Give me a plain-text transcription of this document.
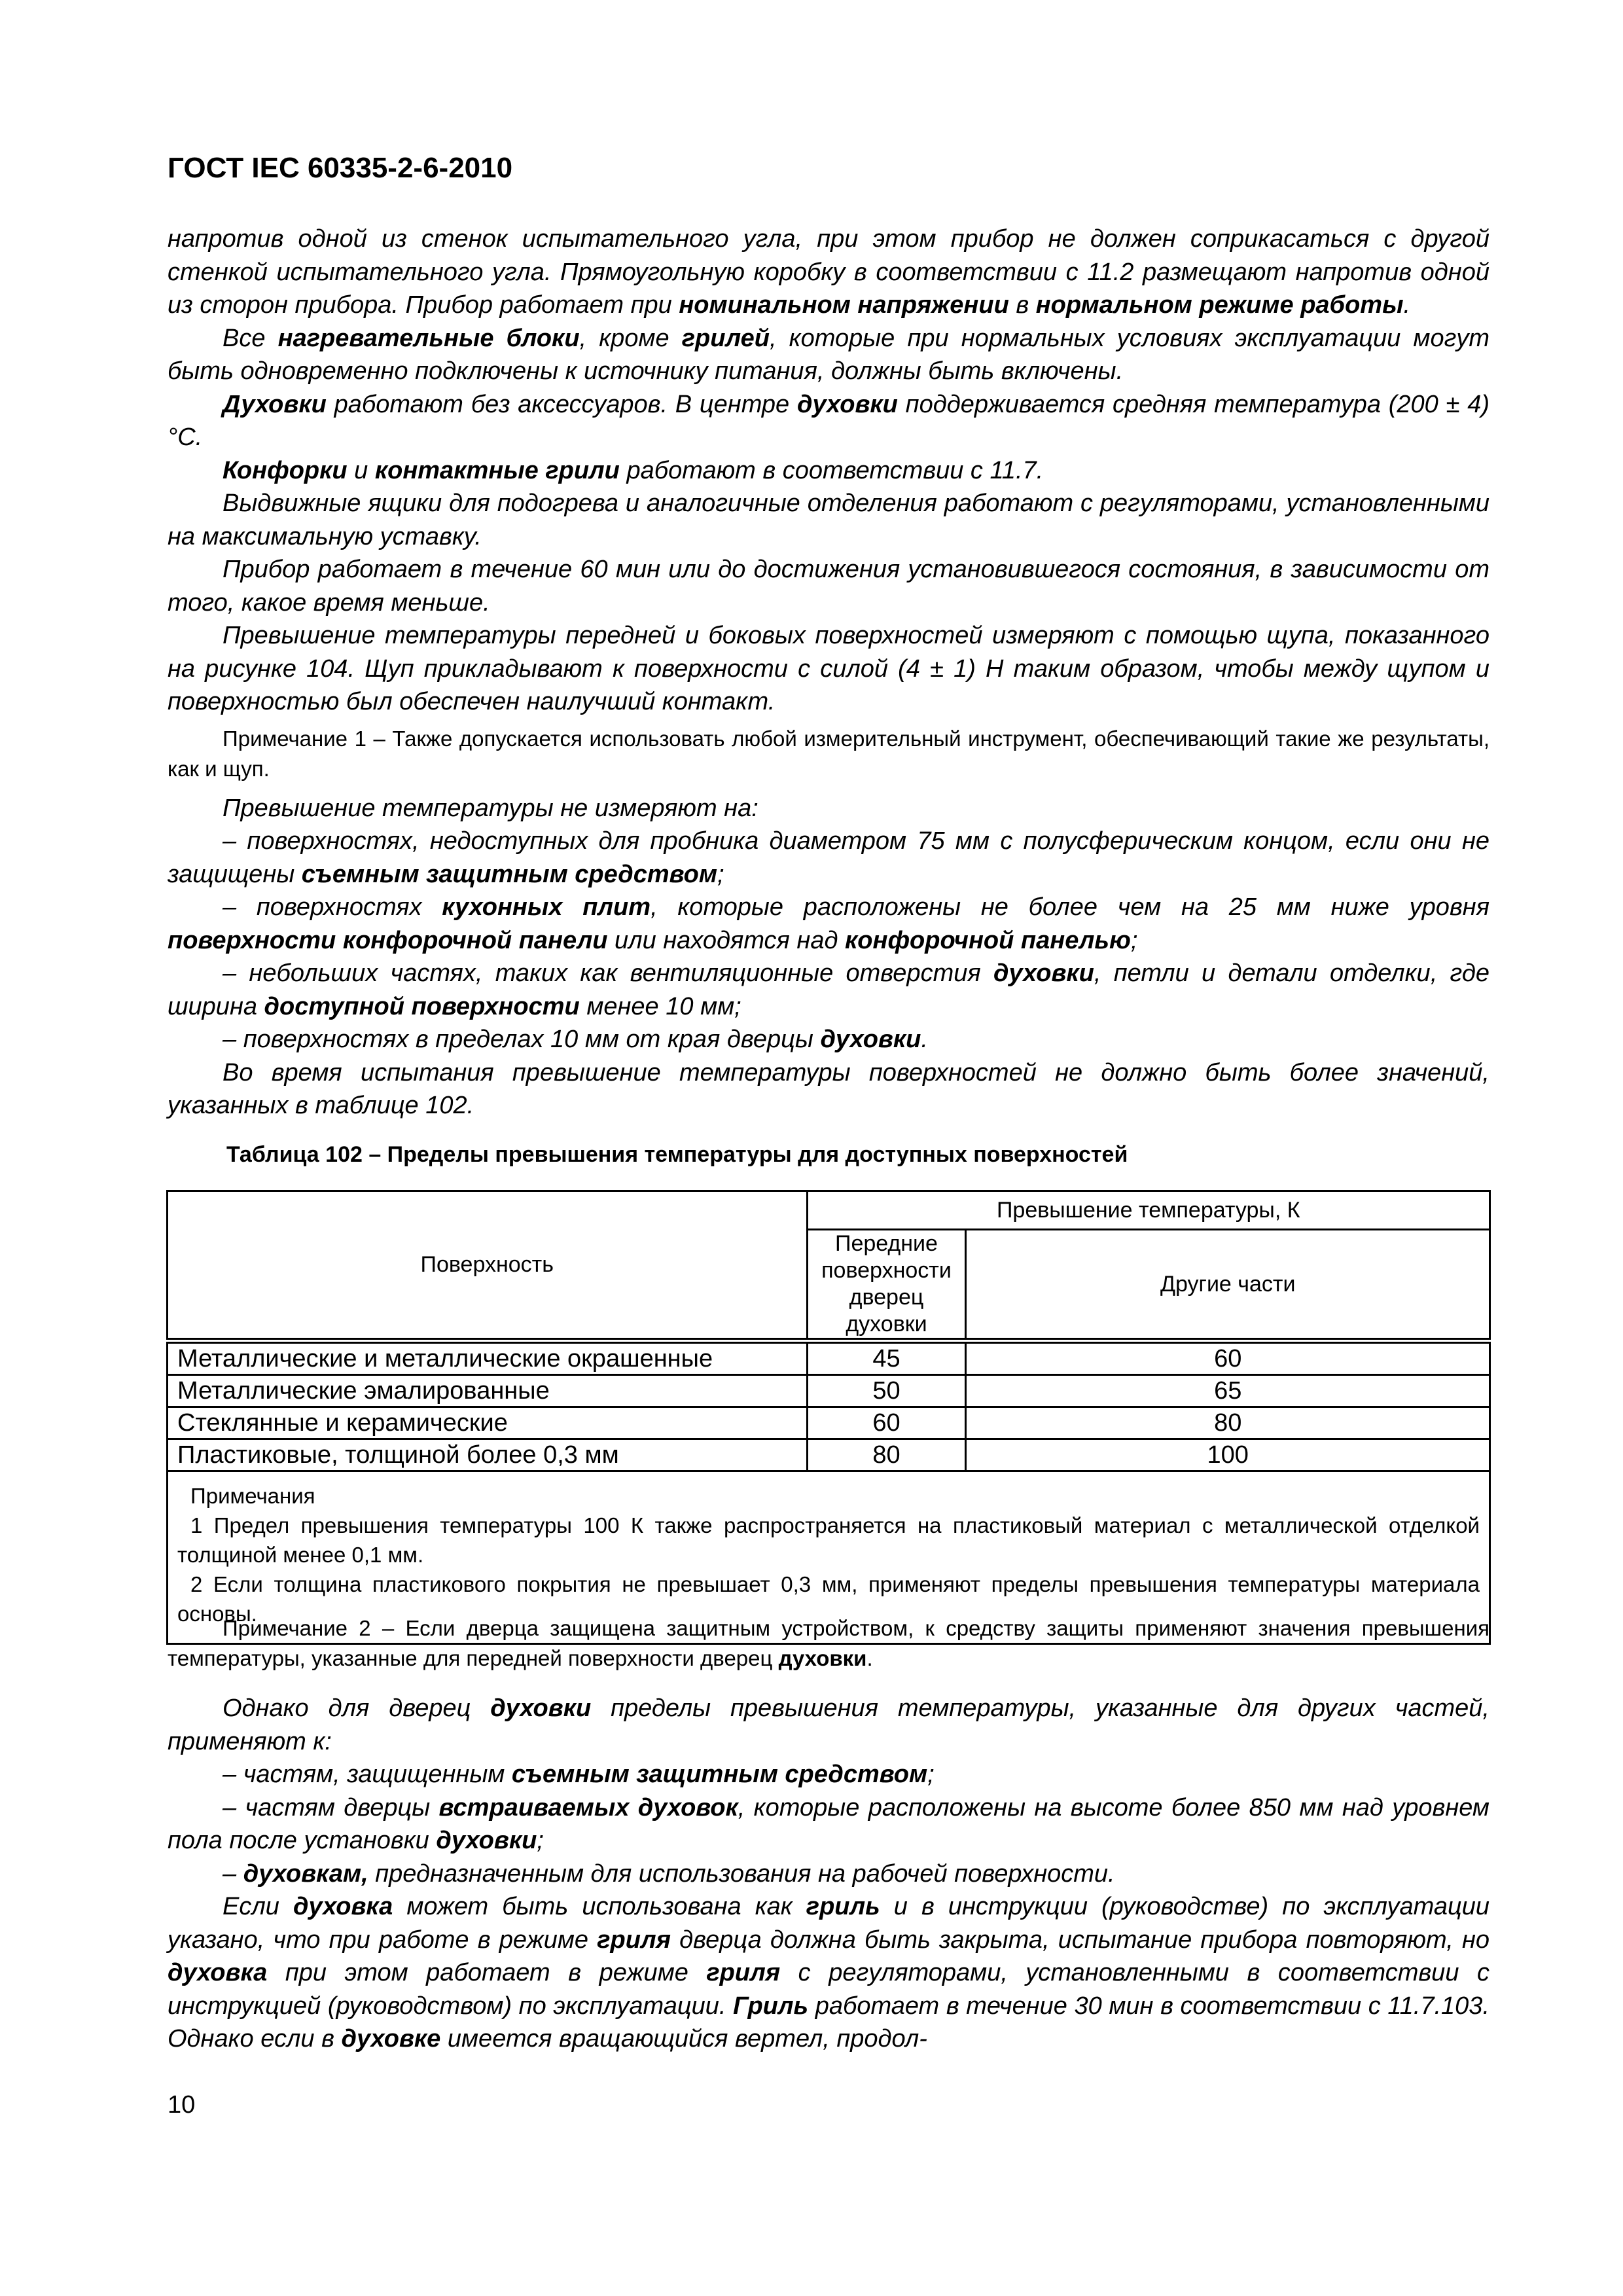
ГОСТ IEC 60335-2-6-2010

напротив одной из стенок испытательного угла, при этом прибор не должен соприкасаться с другой стенкой испытательного угла. Прямоугольную коробку в соответствии с 11.2 размещают напротив одной из сторон прибора. Прибор работает при номинальном напряжении в нормальном режиме работы.

Все нагревательные блоки, кроме грилей, которые при нормальных условиях эксплуатации могут быть одновременно подключены к источнику питания, должны быть включены.

Духовки работают без аксессуаров. В центре духовки поддерживается средняя температура (200 ± 4) °C.

Конфорки и контактные грили работают в соответствии с 11.7.

Выдвижные ящики для подогрева и аналогичные отделения работают с регуляторами, установленными на максимальную уставку.

Прибор работает в течение 60 мин или до достижения установившегося состояния, в зависимости от того, какое время меньше.

Превышение температуры передней и боковых поверхностей измеряют с помощью щупа, показанного на рисунке 104. Щуп прикладывают к поверхности с силой (4 ± 1) Н таким образом, чтобы между щупом и поверхностью был обеспечен наилучший контакт.

Примечание 1 – Также допускается использовать любой измерительный инструмент, обеспечивающий такие же результаты, как и щуп.

Превышение температуры не измеряют на:

– поверхностях, недоступных для пробника диаметром 75 мм с полусферическим концом, если они не защищены съемным защитным средством;

– поверхностях кухонных плит, которые расположены не более чем на 25 мм ниже уровня поверхности конфорочной панели или находятся над конфорочной панелью;

– небольших частях, таких как вентиляционные отверстия духовки, петли и детали отделки, где ширина доступной поверхности менее 10 мм;

– поверхностях в пределах 10 мм от края дверцы духовки.

Во время испытания превышение температуры поверхностей не должно быть более значений, указанных в таблице 102.

Таблица 102 – Пределы превышения температуры для доступных поверхностей
Поверхность	Превышение температуры, К	
	Передние поверхности дверец духовки	Другие части
Металлические и металлические окрашенные	45	60
Металлические эмалированные	50	65
Стеклянные и керамические	60	80
Пластиковые, толщиной более 0,3 мм	80	100

Примечания

1 Предел превышения температуры 100 К также распространяется на пластиковый материал с металлической отделкой толщиной менее 0,1 мм.

2 Если толщина пластикового покрытия не превышает 0,3 мм, применяют пределы превышения температуры материала основы.		

Примечание 2 – Если дверца защищена защитным устройством, к средству защиты применяют значения превышения температуры, указанные для передней поверхности дверец духовки.

Однако для дверец духовки пределы превышения температуры, указанные для других частей, применяют к:

– частям, защищенным съемным защитным средством;

– частям дверцы встраиваемых духовок, которые расположены на высоте более 850 мм над уровнем пола после установки духовки;

– духовкам, предназначенным для использования на рабочей поверхности.

Если духовка может быть использована как гриль и в инструкции (руководстве) по эксплуатации указано, что при работе в режиме гриля дверца должна быть закрыта, испытание прибора повторяют, но духовка при этом работает в режиме гриля с регуляторами, установленными в соответствии с инструкцией (руководством) по эксплуатации. Гриль работает в течение 30 мин в соответствии с 11.7.103. Однако если в духовке имеется вращающийся вертел, продол-

10
